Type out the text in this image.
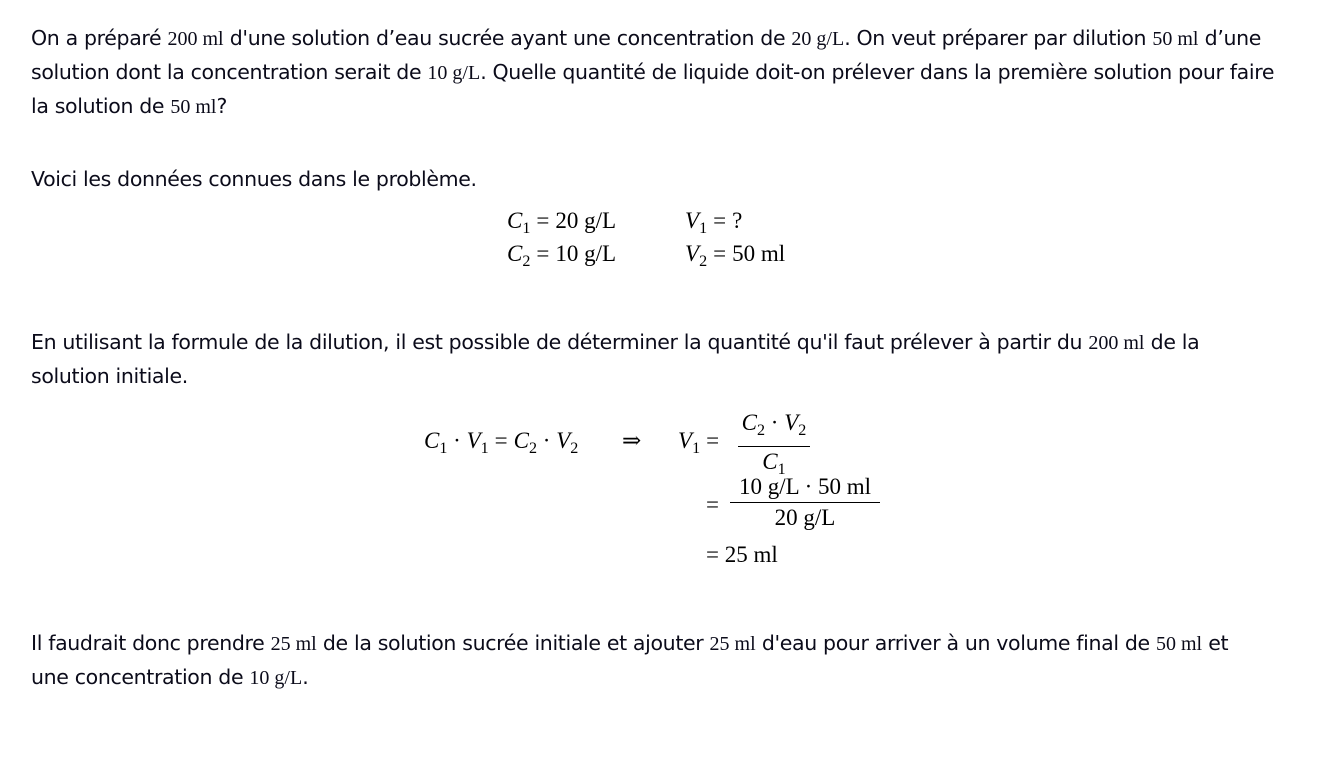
On a préparé 200 ml d'une solution d’eau sucrée ayant une concentration de 20 g/L. On veut préparer par dilution 50 ml d’une solution dont la concentration serait de 10 g/L. Quelle quantité de liquide doit-on prélever dans la première solution pour faire la solution de 50 ml?

Voici les données connues dans le problème.

En utilisant la formule de la dilution, il est possible de déterminer la quantité qu'il faut prélever à partir du 200 ml de la solution initiale.

Il faudrait donc prendre 25 ml de la solution sucrée initiale et ajouter 25 ml d'eau pour arriver à un volume final de 50 ml et une concentration de 10 g/L.

$C_1 = 20$ g/L	$V_1$ = ?
$C_2 = 10$ g/L	$V_2 = 50$ ml
$C_1 \cdot V_1 = C_2 \cdot V_2$ ⇒ $V_1$ =
$C_2 \cdot V_2$
$C_1$
=
10 g/L · 50 ml
20 g/L
= 25 ml
